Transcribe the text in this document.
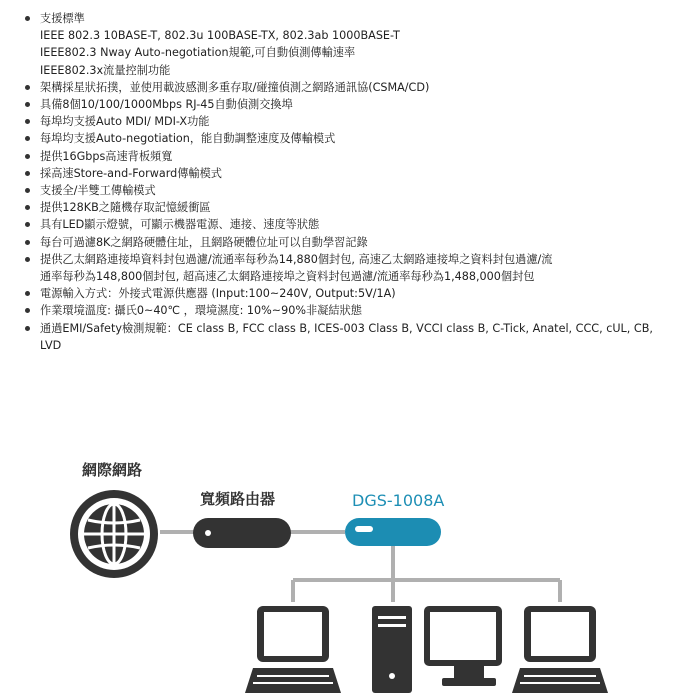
支援標準
IEEE 802.3 10BASE-T, 802.3u 100BASE-TX, 802.3ab 1000BASE-T
IEEE802.3 Nway Auto-negotiation規範,可自動偵測傳輸速率
IEEE802.3x流量控制功能
架構採星狀拓撲，並使用載波感測多重存取/碰撞偵測之網路通訊協(CSMA/CD)
具備8個10/100/1000Mbps RJ-45自動偵測交換埠
每埠均支援Auto MDI/ MDI-X功能
每埠均支援Auto-negotiation，能自動調整速度及傳輸模式
提供16Gbps高速背板頻寬
採高速Store-and-Forward傳輸模式
支援全/半雙工傳輸模式
提供128KB之隨機存取記憶緩衝區
具有LED顯示燈號，可顯示機器電源、連接、速度等狀態
每台可過濾8K之網路硬體住址，且網路硬體位址可以自動學習記錄
提供乙太網路連接埠資料封包過濾/流通率每秒為14,880個封包, 高速乙太網路連接埠之資料封包過濾/流
通率每秒為148,800個封包, 超高速乙太網路連接埠之資料封包過濾/流通率每秒為1,488,000個封包
電源輸入方式：外接式電源供應器 (Input:100~240V, Output:5V/1A)
作業環境溫度: 攝氏0~40℃ ，環境濕度: 10%~90%非凝結狀態
通過EMI/Safety檢測規範：CE class B, FCC class B, ICES-003 Class B, VCCI class B, C-Tick, Anatel, CCC, cUL, CB,
LVD
網際網路
寬頻路由器	DGS-1008A
